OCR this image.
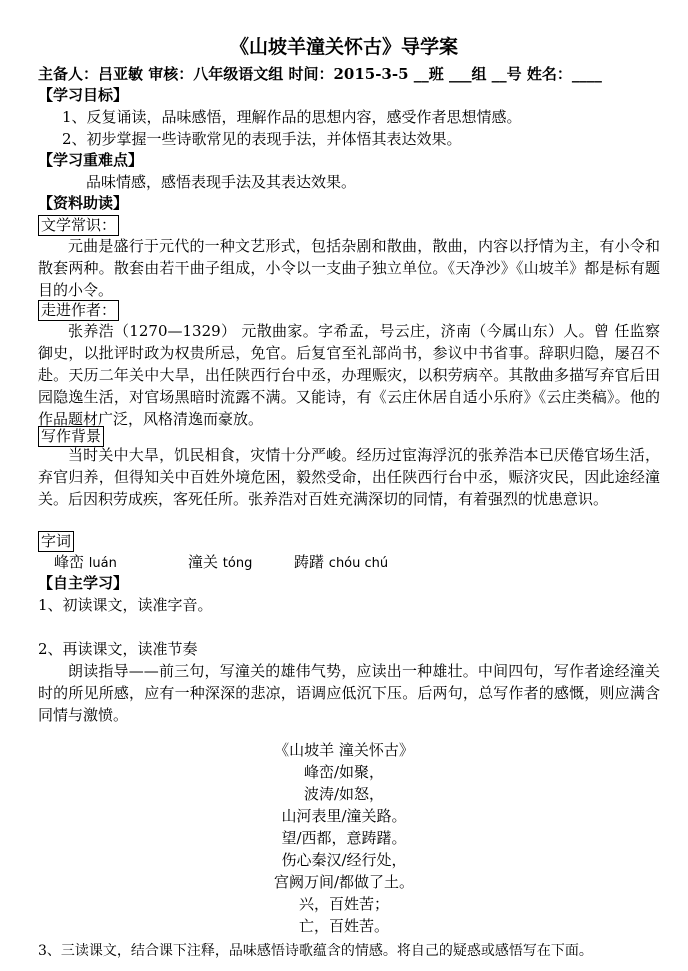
《山坡羊潼关怀古》导学案
主备人：吕亚敏 审核：八年级语文组 时间：2015-3-5 __班 ___组 __号 姓名：____
【学习目标】
1、反复诵读，品味感悟，理解作品的思想内容，感受作者思想情感。
2、初步掌握一些诗歌常见的表现手法，并体悟其表达效果。
【学习重难点】
品味情感，感悟表现手法及其表达效果。
【资料助读】
文学常识：
元曲是盛行于元代的一种文艺形式，包括杂剧和散曲，散曲，内容以抒情为主，有小令和散套两种。散套由若干曲子组成，小令以一支曲子独立单位。《天净沙》《山坡羊》都是标有题目的小令。
走进作者：
张养浩（1270—1329） 元散曲家。字希孟，号云庄，济南（今属山东）人。曾 任监察御史，以批评时政为权贵所忌，免官。后复官至礼部尚书，参议中书省事。辞职归隐，屡召不赴。天历二年关中大旱，出任陕西行台中丞，办理赈灾，以积劳病卒。其散曲多描写弃官后田园隐逸生活，对官场黑暗时流露不满。又能诗，有《云庄休居自适小乐府》《云庄类稿》。他的作品题材广泛，风格清逸而豪放。
写作背景
当时关中大旱，饥民相食，灾情十分严峻。经历过宦海浮沉的张养浩本已厌倦官场生活，弃官归养，但得知关中百姓外境危困，毅然受命，出任陕西行台中丞，赈济灾民，因此途经潼关。后因积劳成疾，客死任所。张养浩对百姓充满深切的同情，有着强烈的忧患意识。
字词
峰峦 luán	潼关 tóng	踌躇 chóu chú
【自主学习】
1、初读课文，读准字音。
2、再读课文，读准节奏
朗读指导——前三句，写潼关的雄伟气势，应读出一种雄壮。中间四句，写作者途经潼关时的所见所感，应有一种深深的悲凉，语调应低沉下压。后两句，总写作者的感慨，则应满含同情与激愤。
《山坡羊 潼关怀古》
峰峦/如聚，
波涛/如怒，
山河表里/潼关路。
望/西都，意踌躇。
伤心秦汉/经行处，
宫阙万间/都做了土。
兴，百姓苦；
亡，百姓苦。
3、三读课文，结合课下注释，品味感悟诗歌蕴含的情感。将自己的疑惑或感悟写在下面。
